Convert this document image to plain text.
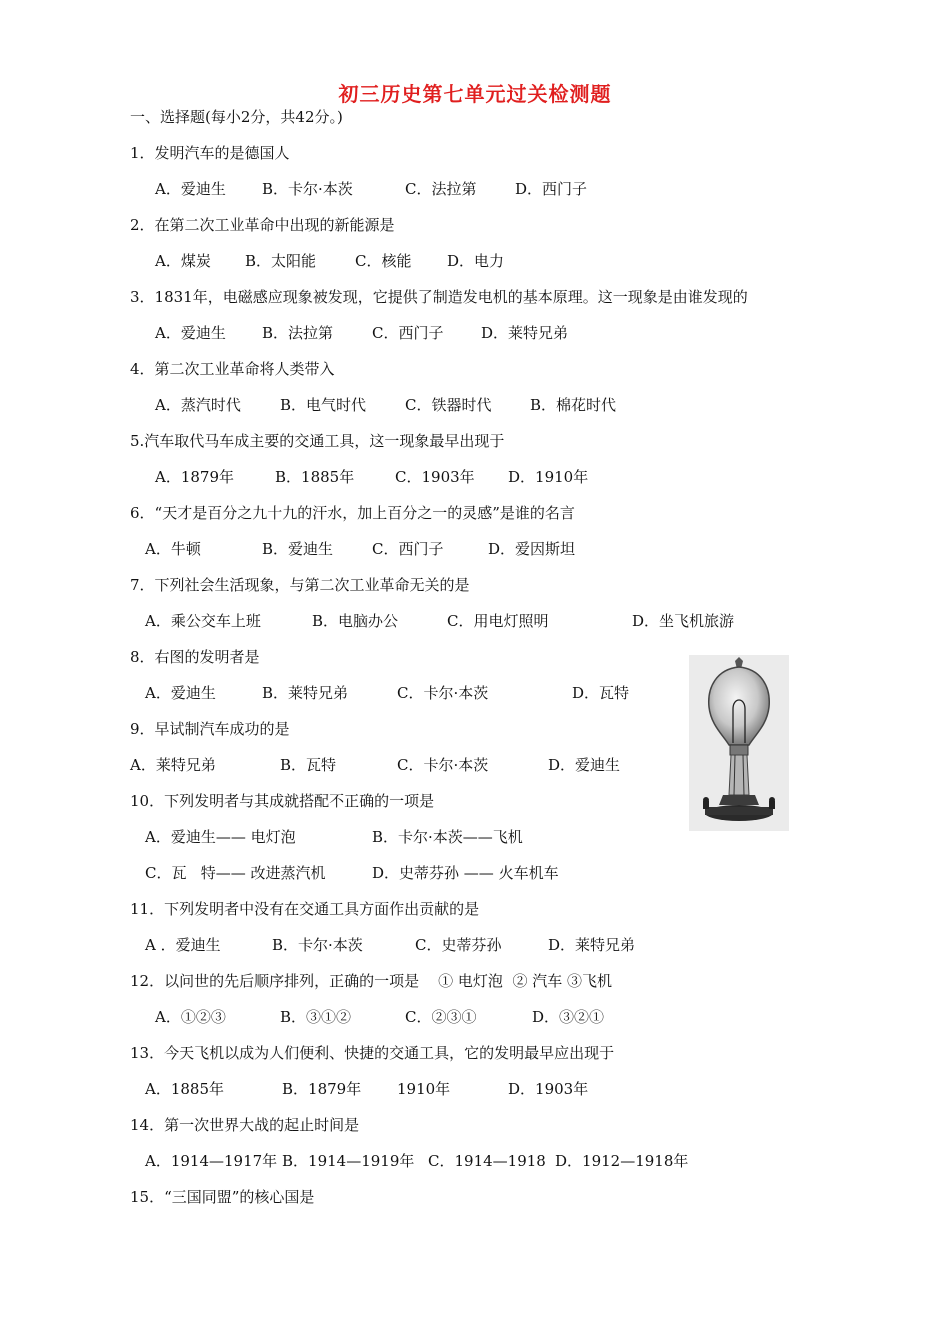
初三历史第七单元过关检测题
一、选择题(每小2分，共42分。)
1．发明汽车的是德国人
A．爱迪生 B．卡尔·本茨	C．法拉第	D．西门子
2．在第二次工业革命中出现的新能源是
A．煤炭 B．太阳能	C．核能 D．电力
3．1831年，电磁感应现象被发现，它提供了制造发电机的基本原理。这一现象是由谁发现的
A．爱迪生 B．法拉第	C．西门子	D．莱特兄弟
4．第二次工业革命将人类带入
A．蒸汽时代	B．电气时代	C．铁器时代	B．棉花时代
5.汽车取代马车成主要的交通工具，这一现象最早出现于
A．1879年	B．1885年	C．1903年 D．1910年
6．“天才是百分之九十九的汗水，加上百分之一的灵感”是谁的名言
A．牛顿	B．爱迪生	C．西门子	D．爱因斯坦
7．下列社会生活现象，与第二次工业革命无关的是
A．乘公交车上班	B．电脑办公	C．用电灯照明	D．坐飞机旅游
8．右图的发明者是
A．爱迪生	B．莱特兄弟	C．卡尔·本茨	D．瓦特
9．早试制汽车成功的是
A．莱特兄弟	B．瓦特	C．卡尔·本茨	D．爱迪生
10．下列发明者与其成就搭配不正确的一项是
A．爱迪生—— 电灯泡	B．卡尔·本茨——飞机
C．瓦   特—— 改进蒸汽机	D．史蒂芬孙 —— 火车机车
11．下列发明者中没有在交通工具方面作出贡献的是
A ．爱迪生	B．卡尔·本茨	C．史蒂芬孙	D．莱特兄弟
12．以问世的先后顺序排列，正确的一项是    ① 电灯泡  ② 汽车 ③飞机
A．①②③	B．③①②	C．②③①	D．③②①
13．今天飞机以成为人们便利、快捷的交通工具，它的发明最早应出现于
A．1885年	B．1879年 1910年	D．1903年
14．第一次世界大战的起止时间是
A．1914—1917年 B．1914—1919年 C．1914—1918 D．1912—1918年
15．“三国同盟”的核心国是
